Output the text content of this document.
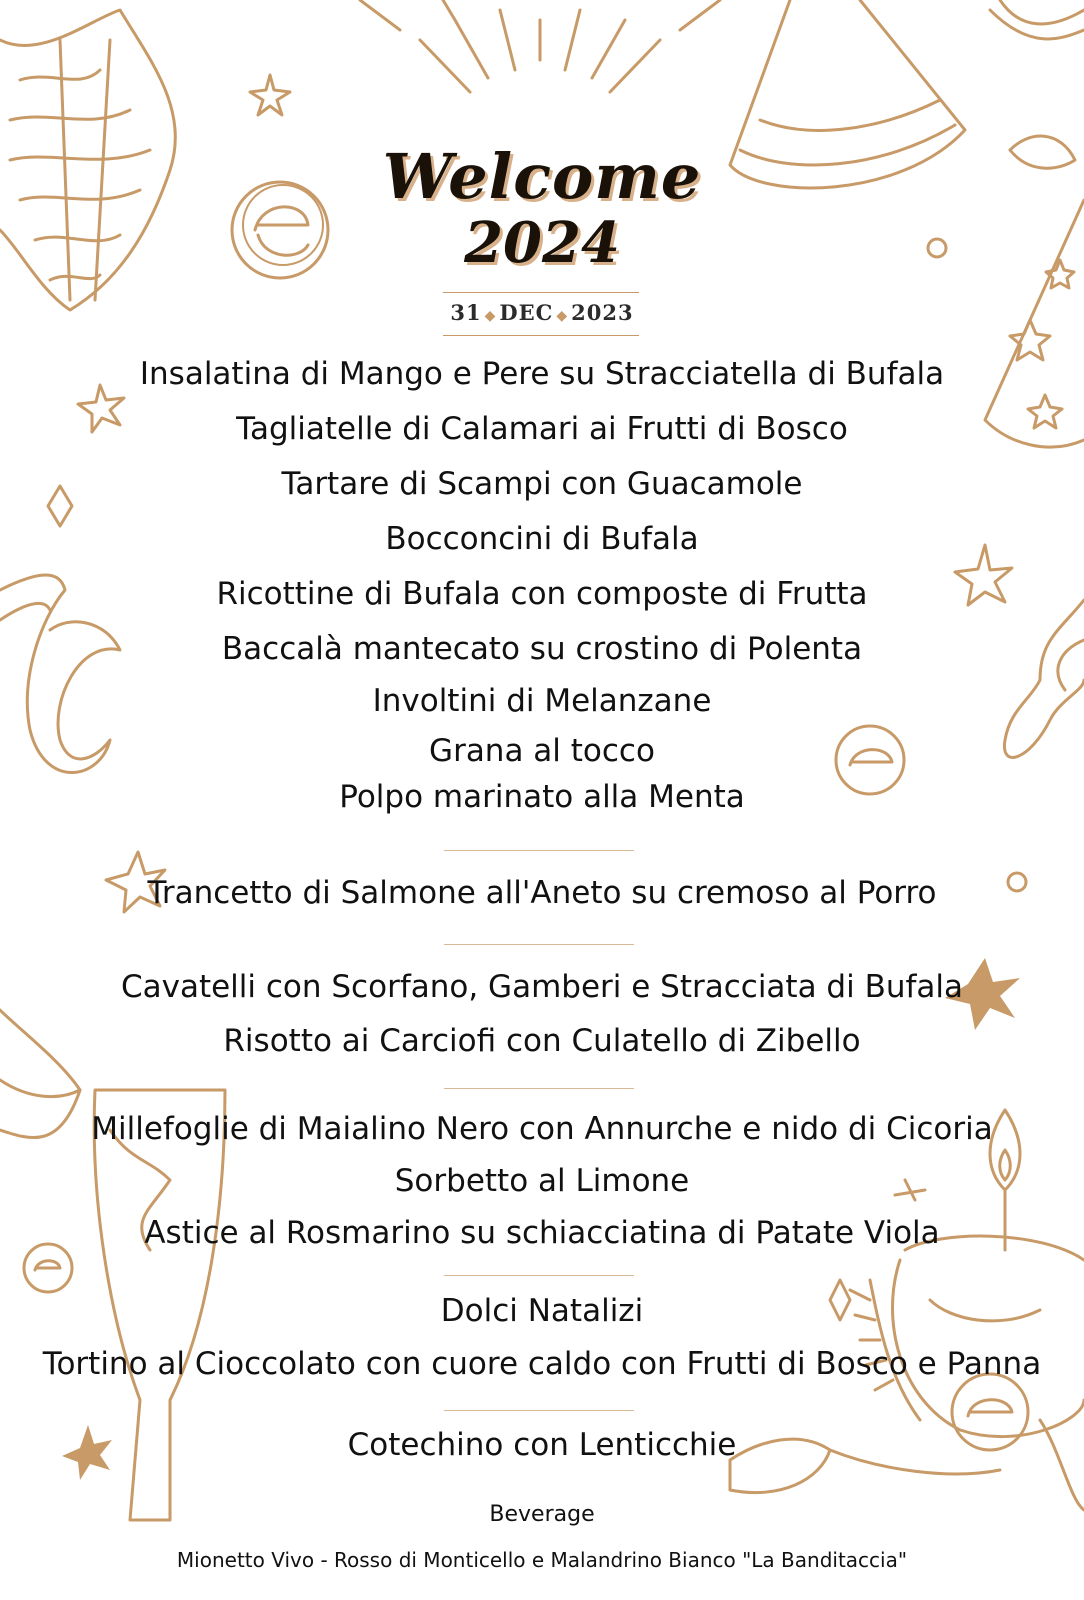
Welcome
2024
31 ◆ DEC ◆ 2023
Insalatina di Mango e Pere su Stracciatella di Bufala
Tagliatelle di Calamari ai Frutti di Bosco
Tartare di Scampi con Guacamole
Bocconcini di Bufala
Ricottine di Bufala con composte di Frutta
Baccalà mantecato su crostino di Polenta
Involtini di Melanzane
Grana al tocco
Polpo marinato alla Menta
Trancetto di Salmone all'Aneto su cremoso al Porro
Cavatelli con Scorfano, Gamberi e Stracciata di Bufala
Risotto ai Carciofi con Culatello di Zibello
Millefoglie di Maialino Nero con Annurche e nido di Cicoria
Sorbetto al Limone
Astice al Rosmarino su schiacciatina di Patate Viola
Dolci Natalizi
Tortino al Cioccolato con cuore caldo con Frutti di Bosco e Panna
Cotechino con Lenticchie
Beverage
Mionetto Vivo - Rosso di Monticello e Malandrino Bianco "La Banditaccia"
